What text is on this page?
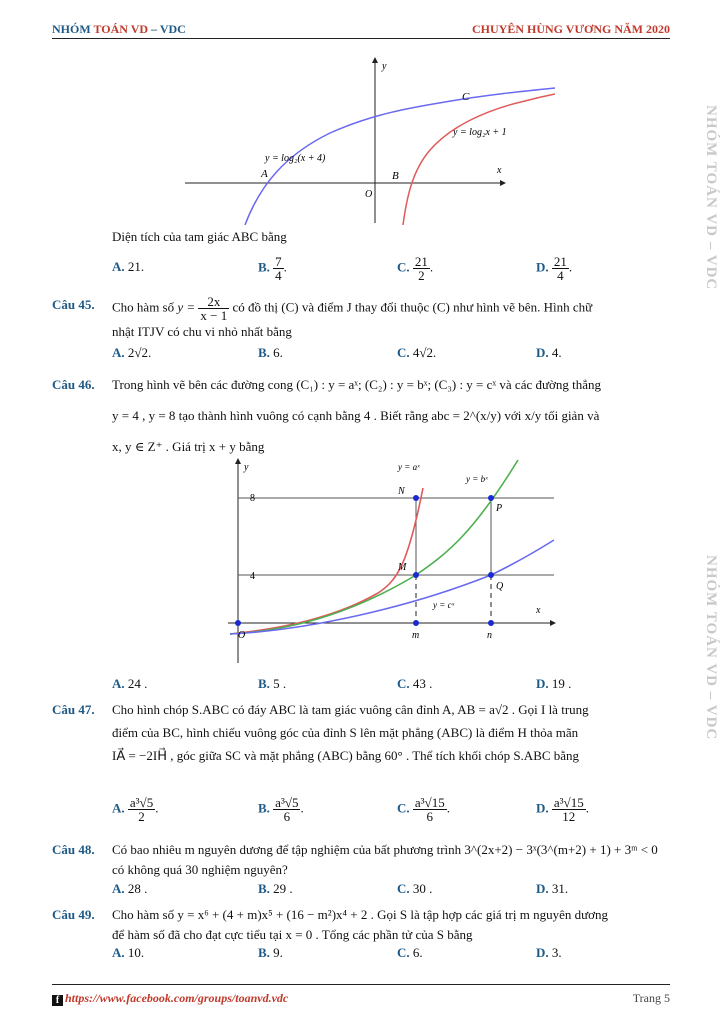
NHÓM TOÁN VD – VDC	CHUYÊN HÙNG VƯƠNG NĂM 2020
NHÓM TOÁN VD – VDC
NHÓM TOÁN VD – VDC
y
x
O
y = log₂(x + 4)
y = log₂x + 1
A	B
C
Diện tích của tam giác ABC bằng
A. 21.	B. $\frac{7}{4}$ .	C. $\frac{21}{2}$ .	D. $\frac{21}{4}$ .
Câu 45. Cho hàm số $y = \frac{2x}{x - 1}$ có đồ thị (C) và điểm J thay đổi thuộc (C) như hình vẽ bên. Hình chữ
nhật ITJV có chu vi nhỏ nhất bằng
A. 2√2.	B. 6.	C. 4√2.	D. 4.
Câu 46. Trong hình vẽ bên các đường cong (C₁) : y = aˣ; (C₂) : y = bˣ; (C₃) : y = cˣ và các đường thẳng
y = 4 , y = 8 tạo thành hình vuông có cạnh bằng 4 . Biết rằng abc = 2^(x/y) với x/y tối giản và
x, y ∈ Z⁺ . Giá trị x + y bằng
y
x
O
8
4
m	n
y = aˣ
y = bˣ
y = cˣ
N
P
M
Q
A. 24 .	B. 5 .	C. 43 .	D. 19 .
Câu 47. Cho hình chóp S.ABC có đáy ABC là tam giác vuông cân đỉnh A, AB = a√2 . Gọi I là trung
điểm của BC, hình chiếu vuông góc của đỉnh S lên mặt phẳng (ABC) là điểm H thỏa mãn
IA⃗ = −2IH⃗ , góc giữa SC và mặt phẳng (ABC) bằng 60° . Thể tích khối chóp S.ABC bằng
A. $\frac{\text{a³√5}}{2}$ .	B. $\frac{\text{a³√5}}{6}$ .	C. $\frac{\text{a³√15}}{6}$ .	D. $\frac{\text{a³√15}}{12}$ .
Câu 48. Có bao nhiêu m nguyên dương để tập nghiệm của bất phương trình 3^(2x+2) − 3ˣ(3^(m+2) + 1) + 3ᵐ < 0
có không quá 30 nghiệm nguyên?
A. 28 .	B. 29 .	C. 30 .	D. 31.
Câu 49. Cho hàm số y = x⁶ + (4 + m)x⁵ + (16 − m²)x⁴ + 2 . Gọi S là tập hợp các giá trị m nguyên dương
để hàm số đã cho đạt cực tiểu tại x = 0 . Tổng các phần tử của S bằng
A. 10.	B. 9.	C. 6.	D. 3.
f https://www.facebook.com/groups/toanvd.vdc	Trang 5
